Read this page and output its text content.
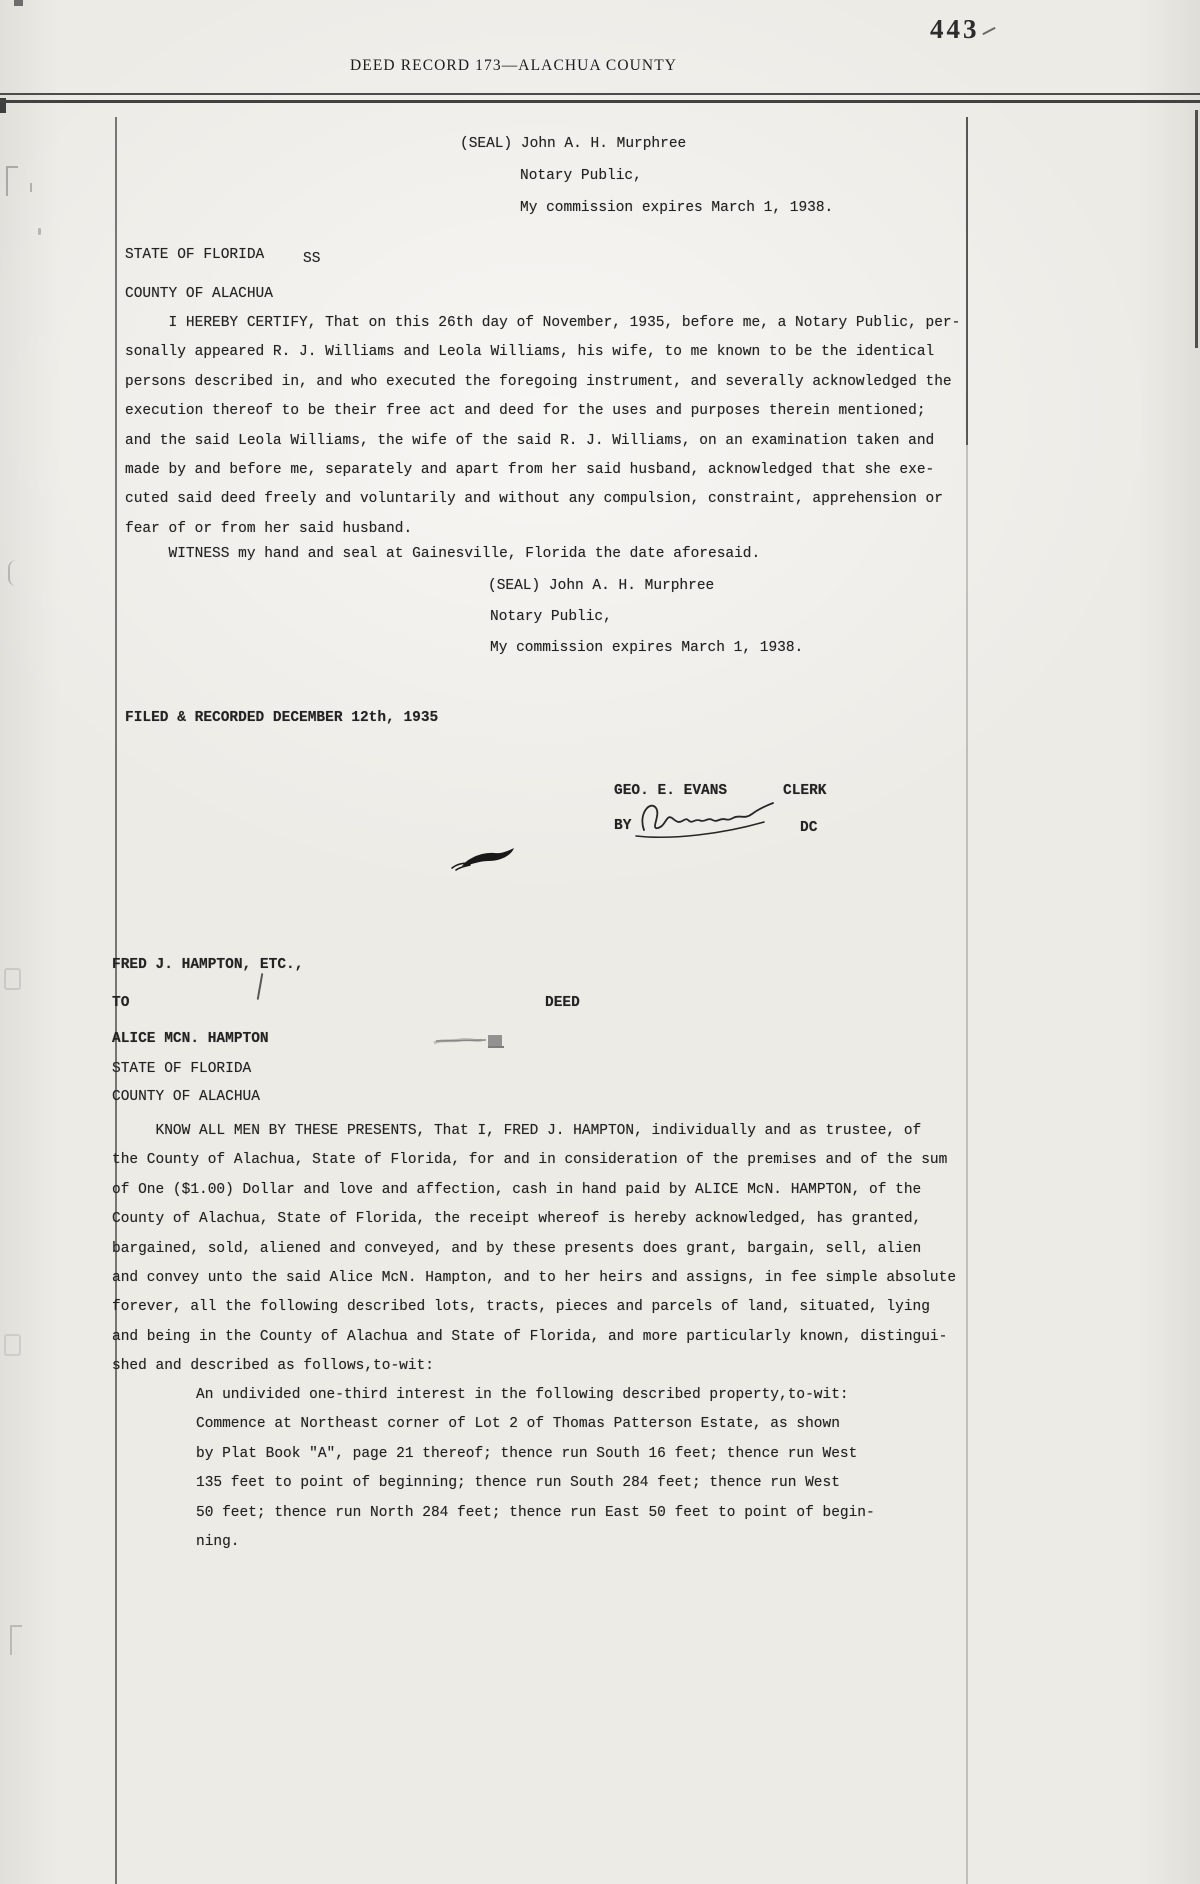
443
DEED RECORD 173—ALACHUA COUNTY
(SEAL) John A. H. Murphree
Notary Public,
My commission expires March 1, 1938.
STATE OF FLORIDA	SS
COUNTY OF ALACHUA
I HEREBY CERTIFY, That on this 26th day of November, 1935, before me, a Notary Public, per-
sonally appeared R. J. Williams and Leola Williams, his wife, to me known to be the identical
persons described in, and who executed the foregoing instrument, and severally acknowledged the
execution thereof to be their free act and deed for the uses and purposes therein mentioned;
and the said Leola Williams, the wife of the said R. J. Williams, on an examination taken and
made by and before me, separately and apart from her said husband, acknowledged that she exe-
cuted said deed freely and voluntarily and without any compulsion, constraint, apprehension or
fear of or from her said husband.
WITNESS my hand and seal at Gainesville, Florida the date aforesaid.
(SEAL) John A. H. Murphree
Notary Public,
My commission expires March 1, 1938.
FILED & RECORDED DECEMBER 12th, 1935
GEO. E. EVANS	CLERK
BY	DC
FRED J. HAMPTON, ETC.,
TO	DEED
ALICE MCN. HAMPTON
STATE OF FLORIDA
COUNTY OF ALACHUA
KNOW ALL MEN BY THESE PRESENTS, That I, FRED J. HAMPTON, individually and as trustee, of
the County of Alachua, State of Florida, for and in consideration of the premises and of the sum
of One ($1.00) Dollar and love and affection, cash in hand paid by ALICE McN. HAMPTON, of the
County of Alachua, State of Florida, the receipt whereof is hereby acknowledged, has granted,
bargained, sold, aliened and conveyed, and by these presents does grant, bargain, sell, alien
and convey unto the said Alice McN. Hampton, and to her heirs and assigns, in fee simple absolute
forever, all the following described lots, tracts, pieces and parcels of land, situated, lying
and being in the County of Alachua and State of Florida, and more particularly known, distingui-
shed and described as follows,to-wit:
An undivided one-third interest in the following described property,to-wit:
Commence at Northeast corner of Lot 2 of Thomas Patterson Estate, as shown
by Plat Book "A", page 21 thereof; thence run South 16 feet; thence run West
135 feet to point of beginning; thence run South 284 feet; thence run West
50 feet; thence run North 284 feet; thence run East 50 feet to point of begin-
ning.
